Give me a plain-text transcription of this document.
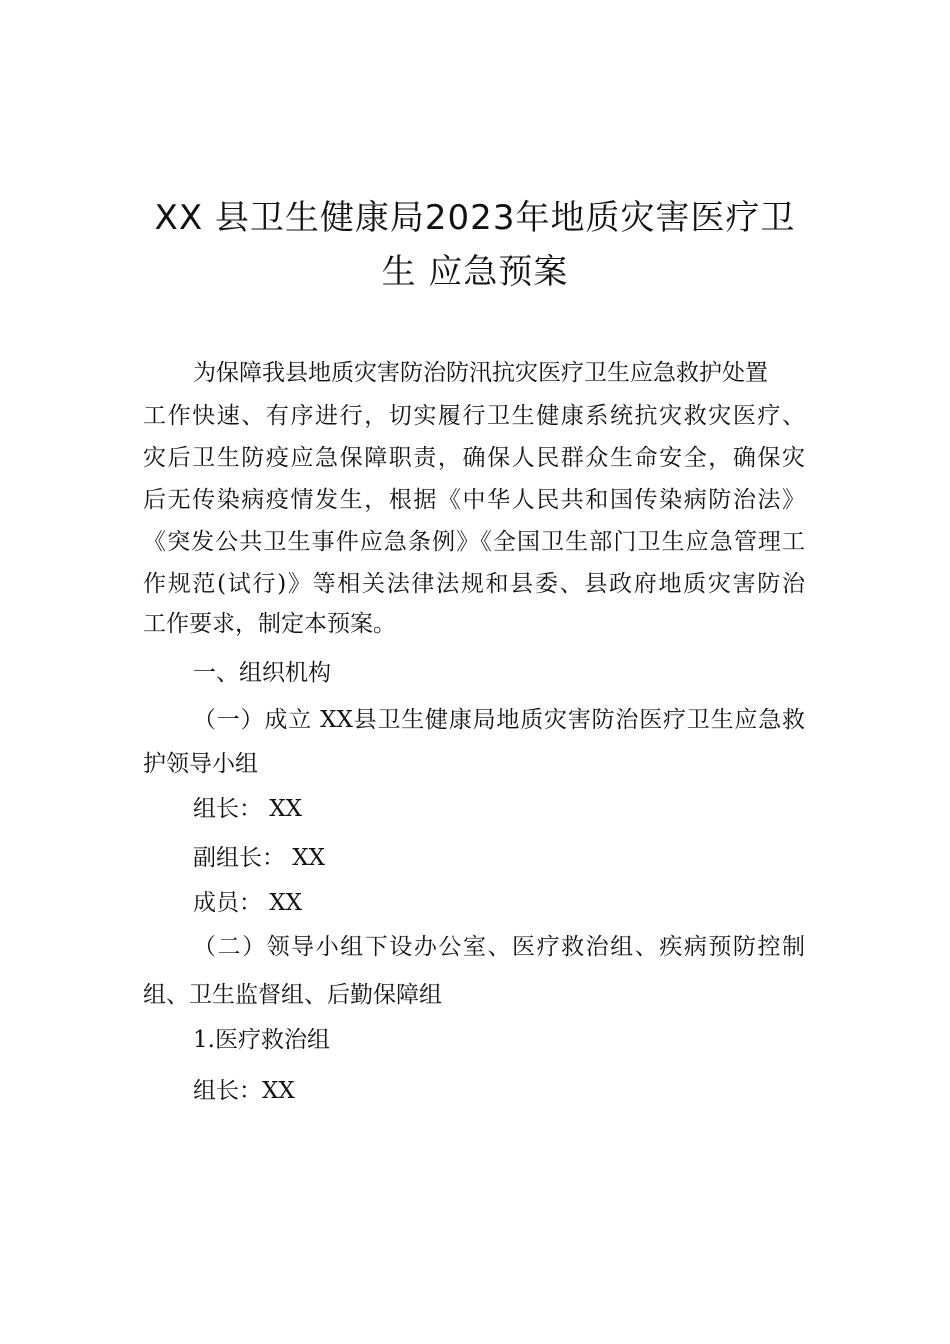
XX 县卫生健康局2023年地质灾害医疗卫
生 应急预案
为保障我县地质灾害防治防汛抗灾医疗卫生应急救护处置
工作快速、有序进行，切实履行卫生健康系统抗灾救灾医疗、
灾后卫生防疫应急保障职责，确保人民群众生命安全，确保灾
后无传染病疫情发生，根据《中华人民共和国传染病防治法》
《突发公共卫生事件应急条例》《全国卫生部门卫生应急管理工
作规范(试行)》等相关法律法规和县委、县政府地质灾害防治
工作要求，制定本预案。
一、组织机构
（一）成立 XX县卫生健康局地质灾害防治医疗卫生应急救
护领导小组
组长： XX
副组长： XX
成员： XX
（二）领导小组下设办公室、医疗救治组、疾病预防控制
组、卫生监督组、后勤保障组
1.医疗救治组
组长：XX
